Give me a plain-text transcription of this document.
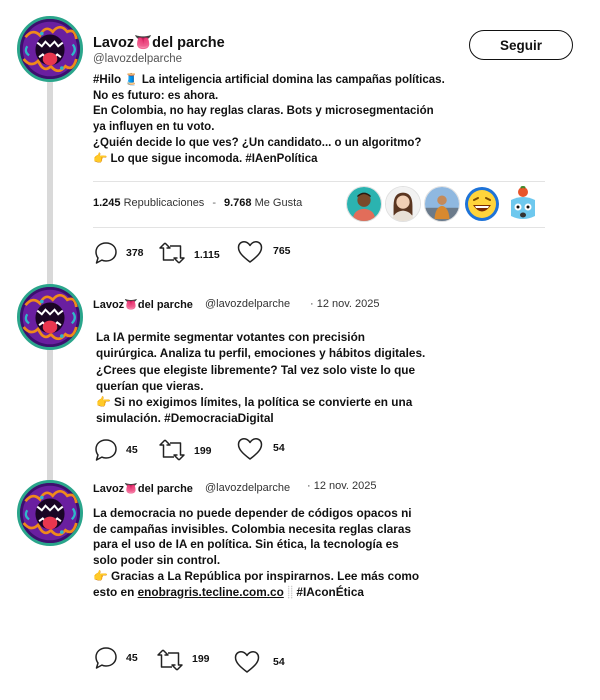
Lavoz👅del parche
@lavozdelparche
Seguir
#Hilo 🧵 La inteligencia artificial domina las campañas políticas.
No es futuro: es ahora.
En Colombia, no hay reglas claras. Bots y microsegmentación
ya influyen en tu voto.
¿Quién decide lo que ves? ¿Un candidato... o un algoritmo?
👉 Lo que sigue incomoda. #IAenPolítica
1.245 Republicaciones - 9.768 Me Gusta
378	1.115	765
Lavoz👅del parche @lavozdelparche · 12 nov. 2025
La IA permite segmentar votantes con precisión
quirúrgica. Analiza tu perfil, emociones y hábitos digitales.
¿Crees que elegiste libremente? Tal vez solo viste lo que
querían que vieras.
👉 Si no exigimos límites, la política se convierte en una
simulación. #DemocraciaDigital
45	199	54
Lavoz👅del parche @lavozdelparche · 12 nov. 2025
La democracia no puede depender de códigos opacos ni
de campañas invisibles. Colombia necesita reglas claras
para el uso de IA en política. Sin ética, la tecnología es
solo poder sin control.
👉 Gracias a La República por inspirarnos. Lee más como
esto en enobragris.tecline.com.co ⸽⸽ #IAconÉtica
45	199	54
